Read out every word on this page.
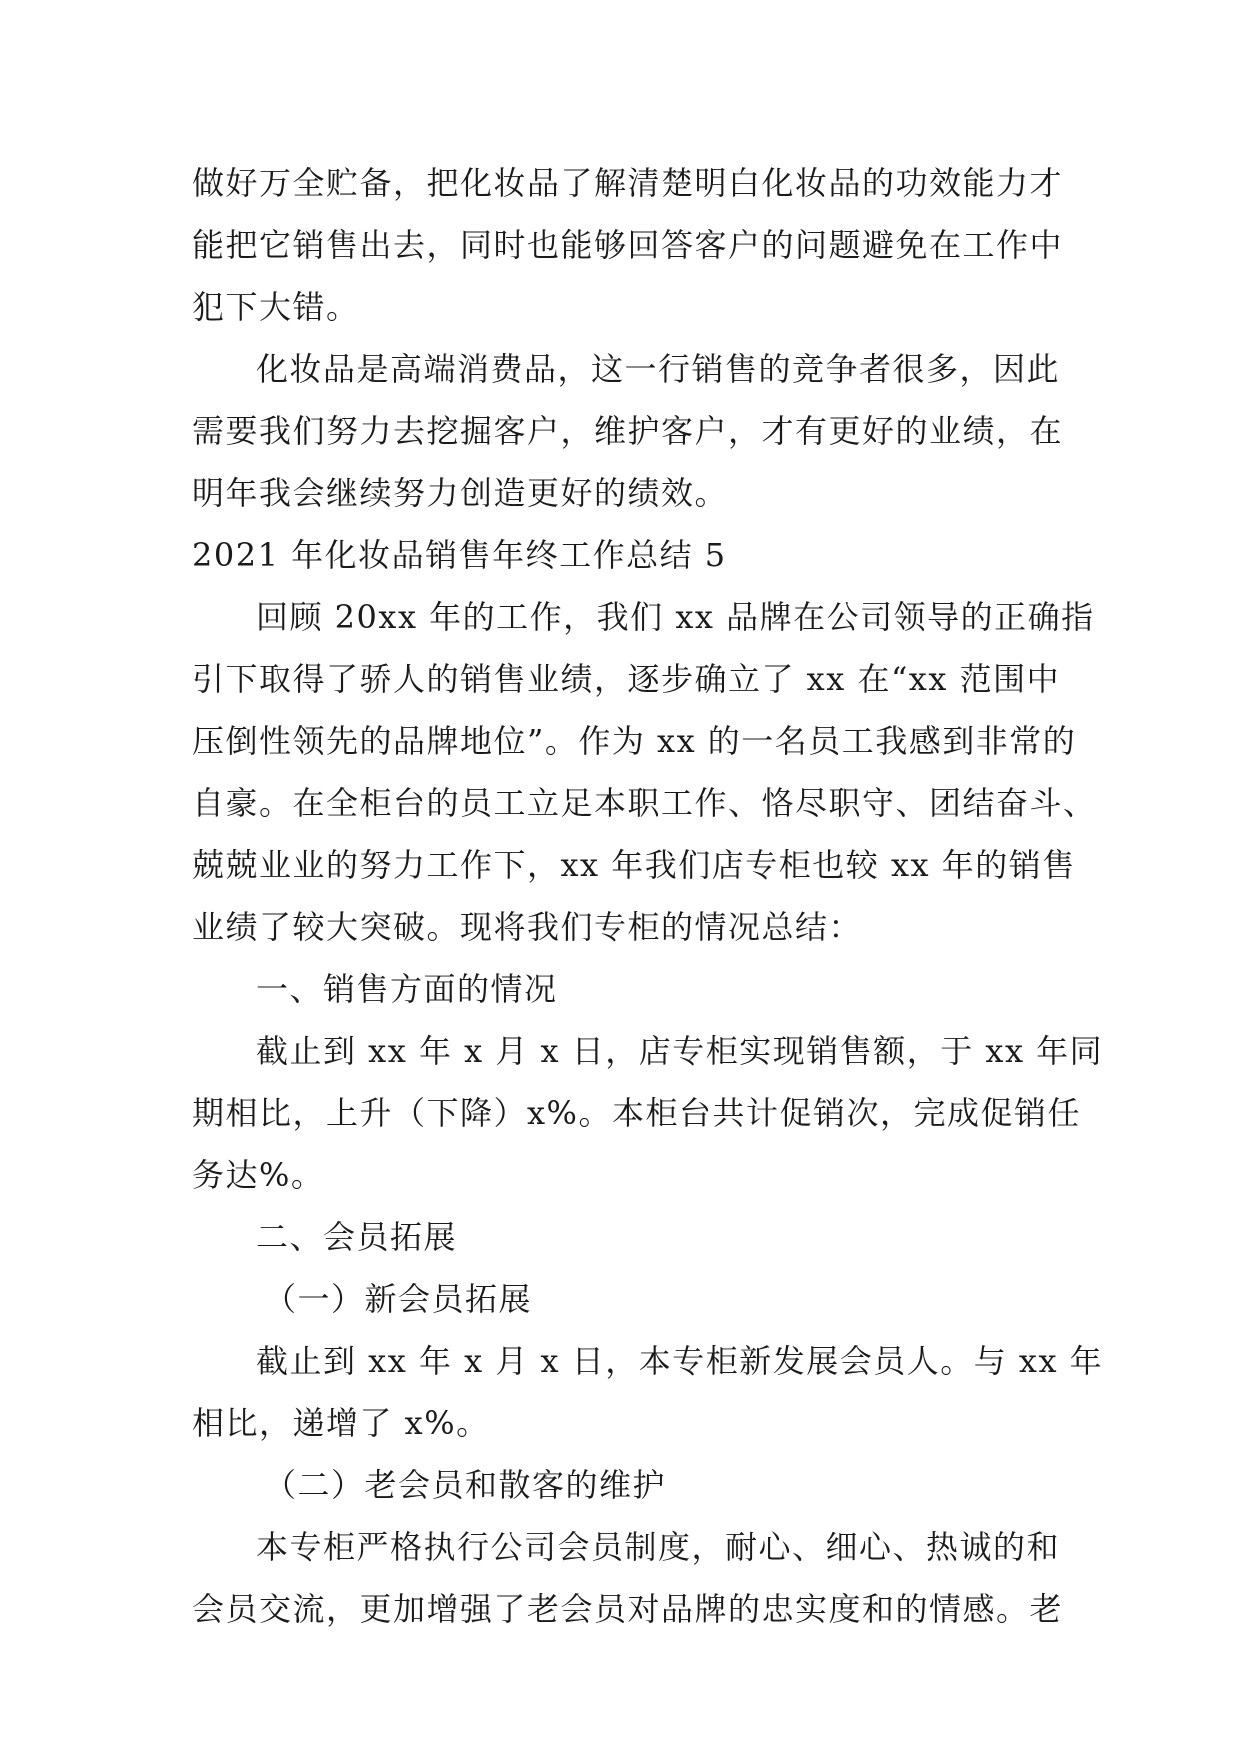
做好万全贮备，把化妆品了解清楚明白化妆品的功效能力才
能把它销售出去，同时也能够回答客户的问题避免在工作中
犯下大错。
化妆品是高端消费品，这一行销售的竞争者很多，因此
需要我们努力去挖掘客户，维护客户，才有更好的业绩，在
明年我会继续努力创造更好的绩效。
2021 年化妆品销售年终工作总结 5
回顾 20xx 年的工作，我们 xx 品牌在公司领导的正确指
引下取得了骄人的销售业绩，逐步确立了 xx 在“xx 范围中
压倒性领先的品牌地位”。作为 xx 的一名员工我感到非常的
自豪。在全柜台的员工立足本职工作、恪尽职守、团结奋斗、
兢兢业业的努力工作下，xx 年我们店专柜也较 xx 年的销售
业绩了较大突破。现将我们专柜的情况总结：
一、销售方面的情况
截止到 xx 年 x 月 x 日，店专柜实现销售额，于 xx 年同
期相比，上升（下降）x%。本柜台共计促销次，完成促销任
务达%。
二、会员拓展
（一）新会员拓展
截止到 xx 年 x 月 x 日，本专柜新发展会员人。与 xx 年
相比，递增了 x%。
（二）老会员和散客的维护
本专柜严格执行公司会员制度，耐心、细心、热诚的和
会员交流，更加增强了老会员对品牌的忠实度和的情感。老
